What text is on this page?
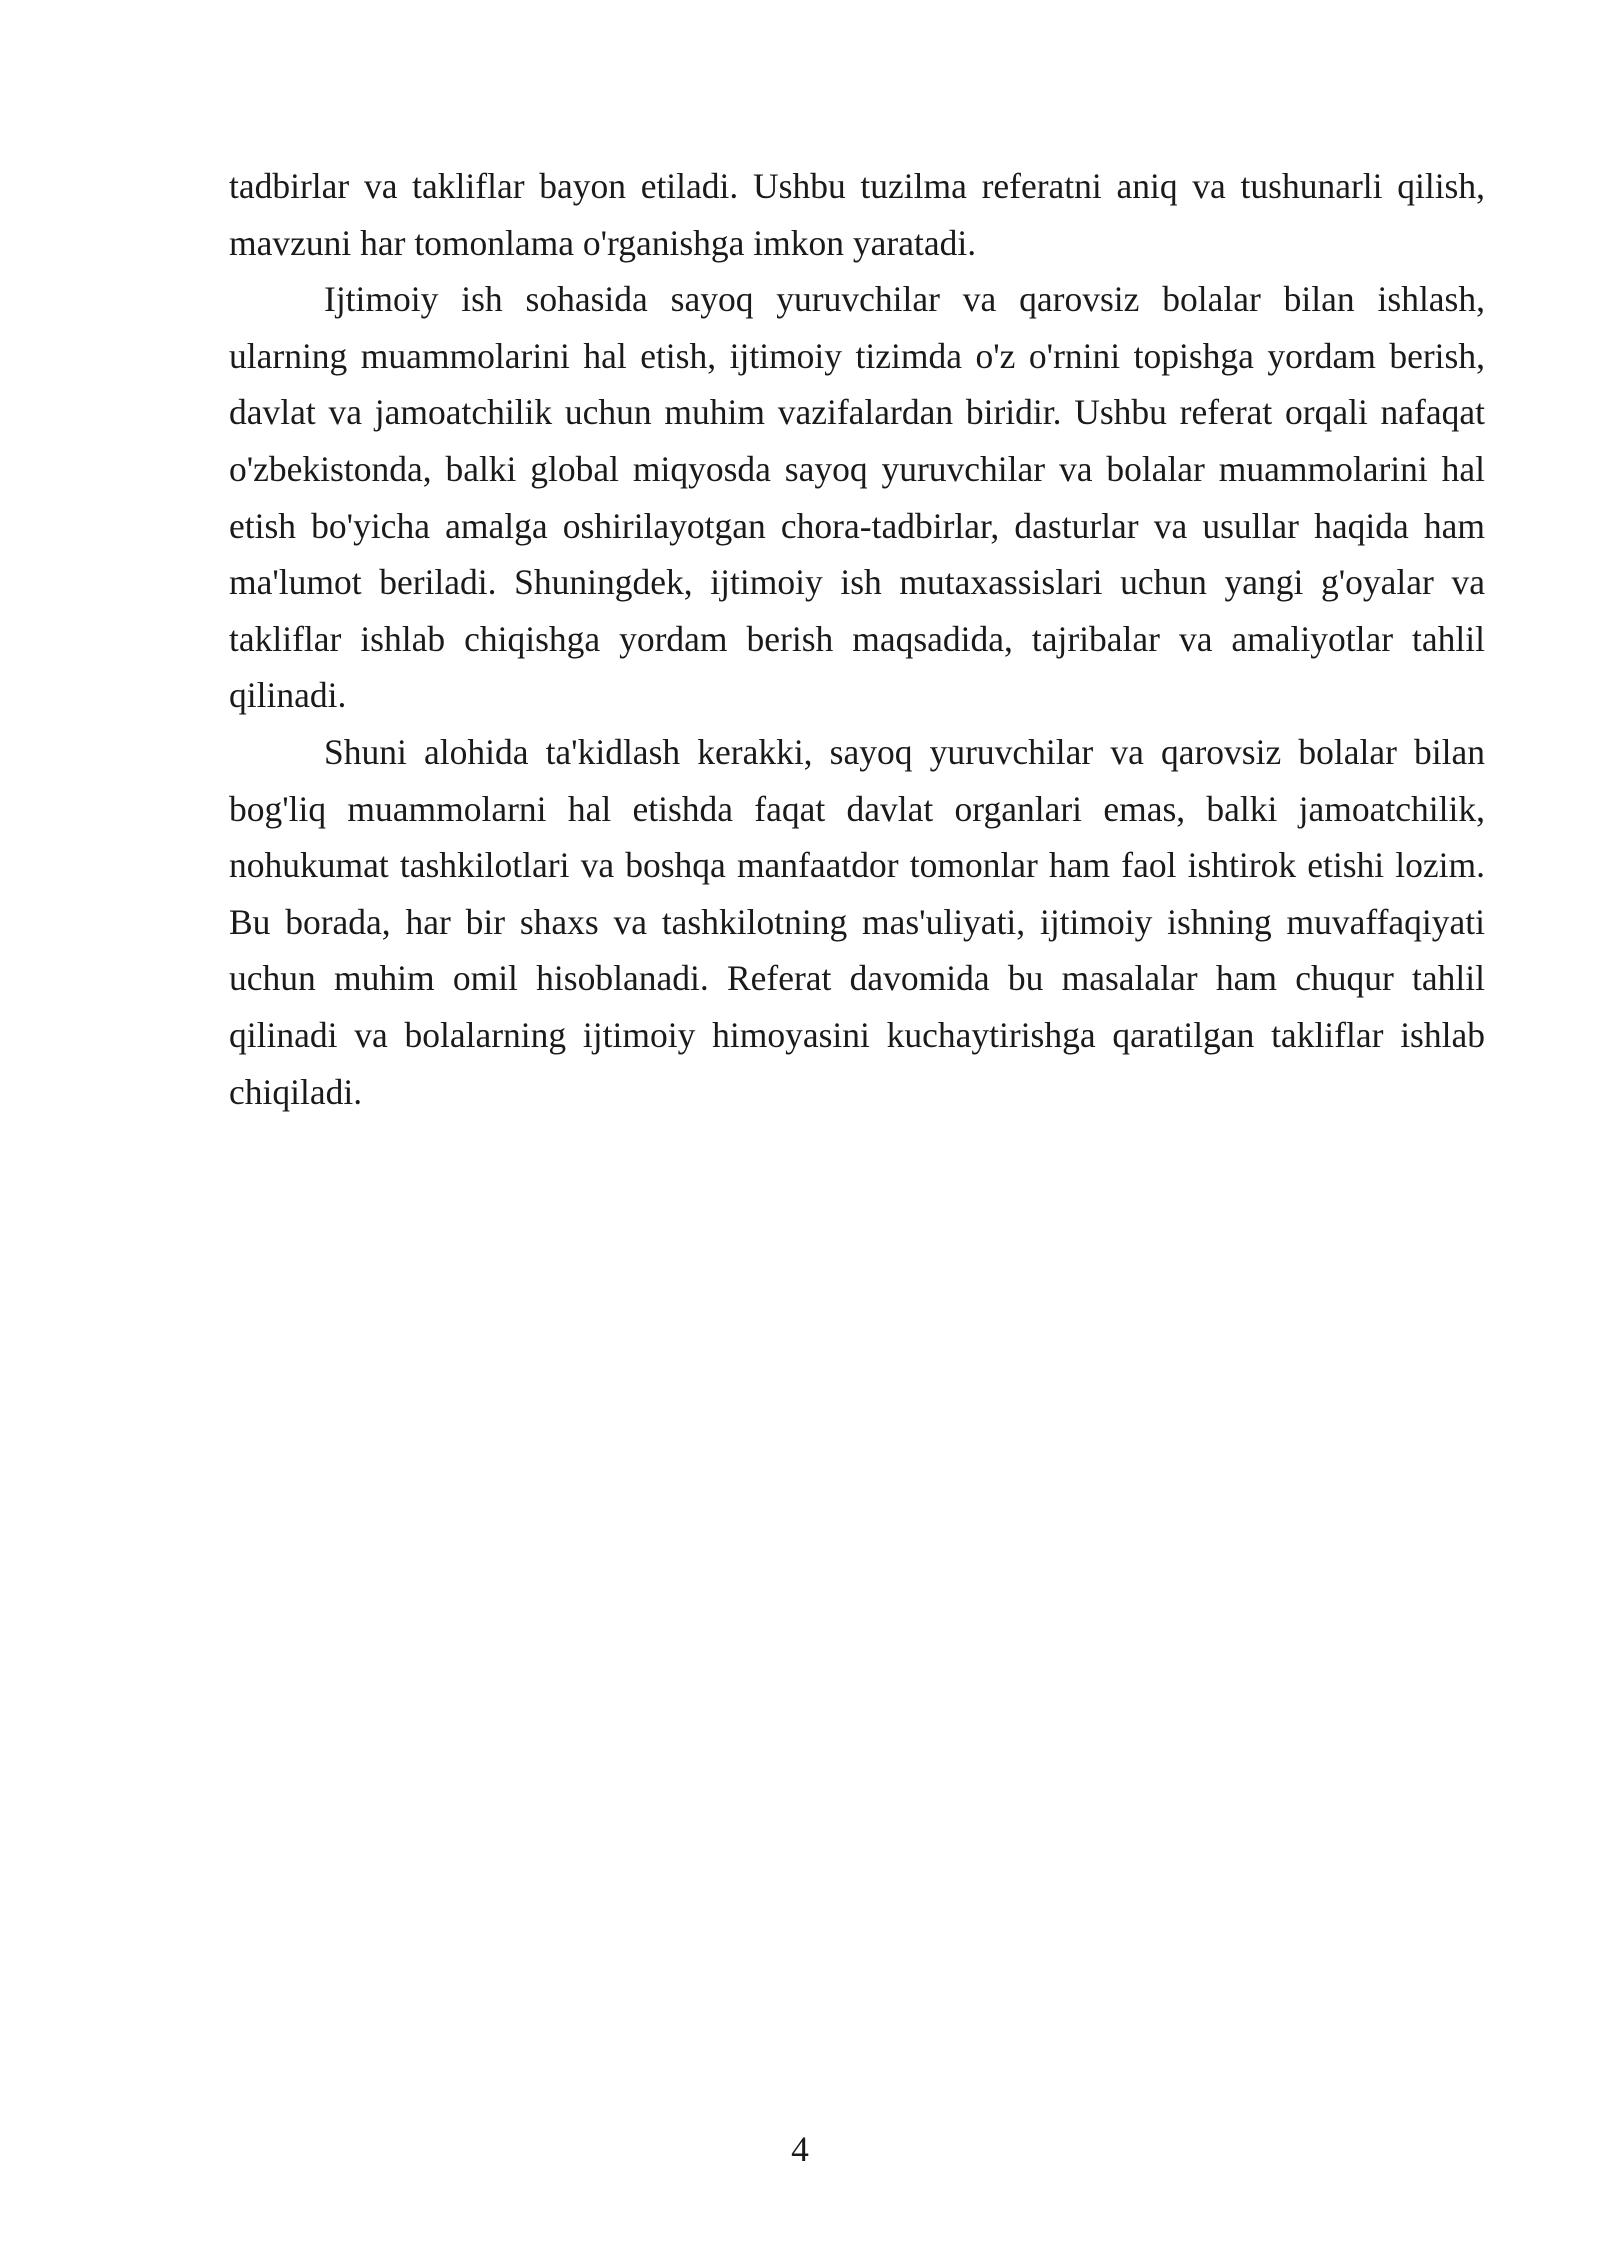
tadbirlar va takliflar bayon etiladi. Ushbu tuzilma referatni aniq va tushunarli qilish, mavzuni har tomonlama o'rganishga imkon yaratadi.

Ijtimoiy ish sohasida sayoq yuruvchilar va qarovsiz bolalar bilan ishlash, ularning muammolarini hal etish, ijtimoiy tizimda o'z o'rnini topishga yordam berish, davlat va jamoatchilik uchun muhim vazifalardan biridir. Ushbu referat orqali nafaqat o'zbekistonda, balki global miqyosda sayoq yuruvchilar va bolalar muammolarini hal etish bo'yicha amalga oshirilayotgan chora-tadbirlar, dasturlar va usullar haqida ham ma'lumot beriladi. Shuningdek, ijtimoiy ish mutaxassislari uchun yangi g'oyalar va takliflar ishlab chiqishga yordam berish maqsadida, tajribalar va amaliyotlar tahlil qilinadi.

Shuni alohida ta'kidlash kerakki, sayoq yuruvchilar va qarovsiz bolalar bilan bog'liq muammolarni hal etishda faqat davlat organlari emas, balki jamoatchilik, nohukumat tashkilotlari va boshqa manfaatdor tomonlar ham faol ishtirok etishi lozim. Bu borada, har bir shaxs va tashkilotning mas'uliyati, ijtimoiy ishning muvaffaqiyati uchun muhim omil hisoblanadi. Referat davomida bu masalalar ham chuqur tahlil qilinadi va bolalarning ijtimoiy himoyasini kuchaytirishga qaratilgan takliflar ishlab chiqiladi.

4
